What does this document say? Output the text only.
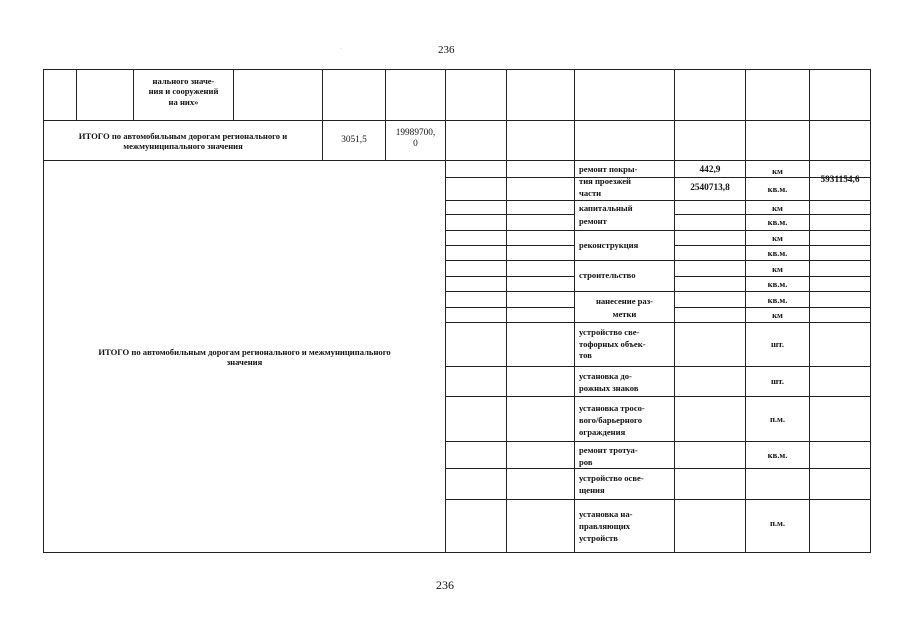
236
·
нального значе-
ния и сооружений
на них»
ИТОГО по автомобильным дорогам регионального и
межмуниципального значения
3051,5
19989700,
0
ИТОГО по автомобильным дорогам регионального и межмуниципального
значения
ремонт покры-
тия проезжей
части
капитальный
ремонт
реконструкция
строительство
нанесение раз-
метки
устройство све-
тофорных объек-
тов
установка до-
рожных знаков
установка тросо-
вого/барьерного
ограждения
ремонт тротуа-
ров
устройство осве-
щения
установка на-
правляющих
устройств
442,9
2540713,8
км
кв.м.
км
кв.м.
км
кв.м.
км
кв.м.
кв.м.
км
шт.
шт.
п.м.
кв.м.
п.м.
5931154,6
236
